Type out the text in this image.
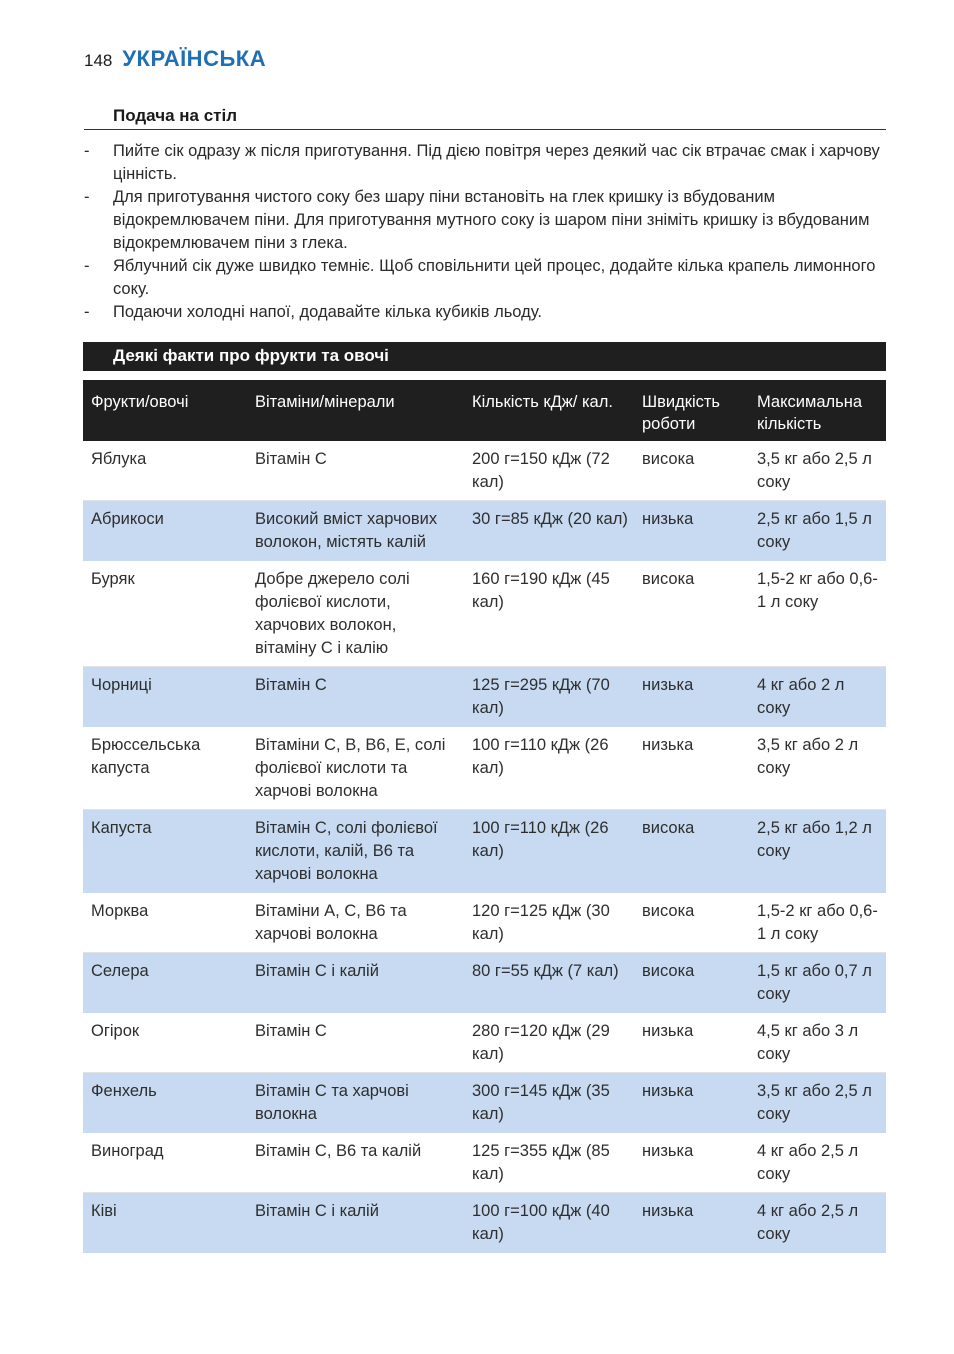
148 УКРАЇНСЬКА
Подача на стіл
- Пийте сік одразу ж після приготування. Під дією повітря через деякий час сік втрачає смак і харчову цінність.
- Для приготування чистого соку без шару піни встановіть на глек кришку із вбудованим відокремлювачем піни. Для приготування мутного соку із шаром піни зніміть кришку із вбудованим відокремлювачем піни з глека.
- Яблучний сік дуже швидко темніє. Щоб сповільнити цей процес, додайте кілька крапель лимонного соку.
- Подаючи холодні напої, додавайте кілька кубиків льоду.
Деякі факти про фрукти та овочі
Фрукти/овочі	Вітаміни/мінерали	Кількість кДж/ кал.	Швидкість роботи	Максимальна кількість
Яблука	Вітамін C	200 г=150 кДж (72 кал)	висока	3,5 кг або 2,5 л соку
Абрикоси	Високий вміст харчових волокон, містять калій	30 г=85 кДж (20 кал)	низька	2,5 кг або 1,5 л соку
Буряк	Добре джерело солі фолієвої кислоти, харчових волокон, вітаміну C і калію	160 г=190 кДж (45 кал)	висока	1,5-2 кг або 0,6-1 л соку
Чорниці	Вітамін C	125 г=295 кДж (70 кал)	низька	4 кг або 2 л соку
Брюссельська капуста	Вітаміни C, B, B6, E, солі фолієвої кислоти та харчові волокна	100 г=110 кДж (26 кал)	низька	3,5 кг або 2 л соку
Капуста	Вітамін C, солі фолієвої кислоти, калій, B6 та харчові волокна	100 г=110 кДж (26 кал)	висока	2,5 кг або 1,2 л соку
Морква	Вітаміни A, C, B6 та харчові волокна	120 г=125 кДж (30 кал)	висока	1,5-2 кг або 0,6-1 л соку
Селера	Вітамін C і калій	80 г=55 кДж (7 кал)	висока	1,5 кг або 0,7 л соку
Огірок	Вітамін C	280 г=120 кДж (29 кал)	низька	4,5 кг або 3 л соку
Фенхель	Вітамін C та харчові волокна	300 г=145 кДж (35 кал)	низька	3,5 кг або 2,5 л соку
Виноград	Вітамін C, B6 та калій	125 г=355 кДж (85 кал)	низька	4 кг або 2,5 л соку
Ківі	Вітамін C і калій	100 г=100 кДж (40 кал)	низька	4 кг або 2,5 л соку
